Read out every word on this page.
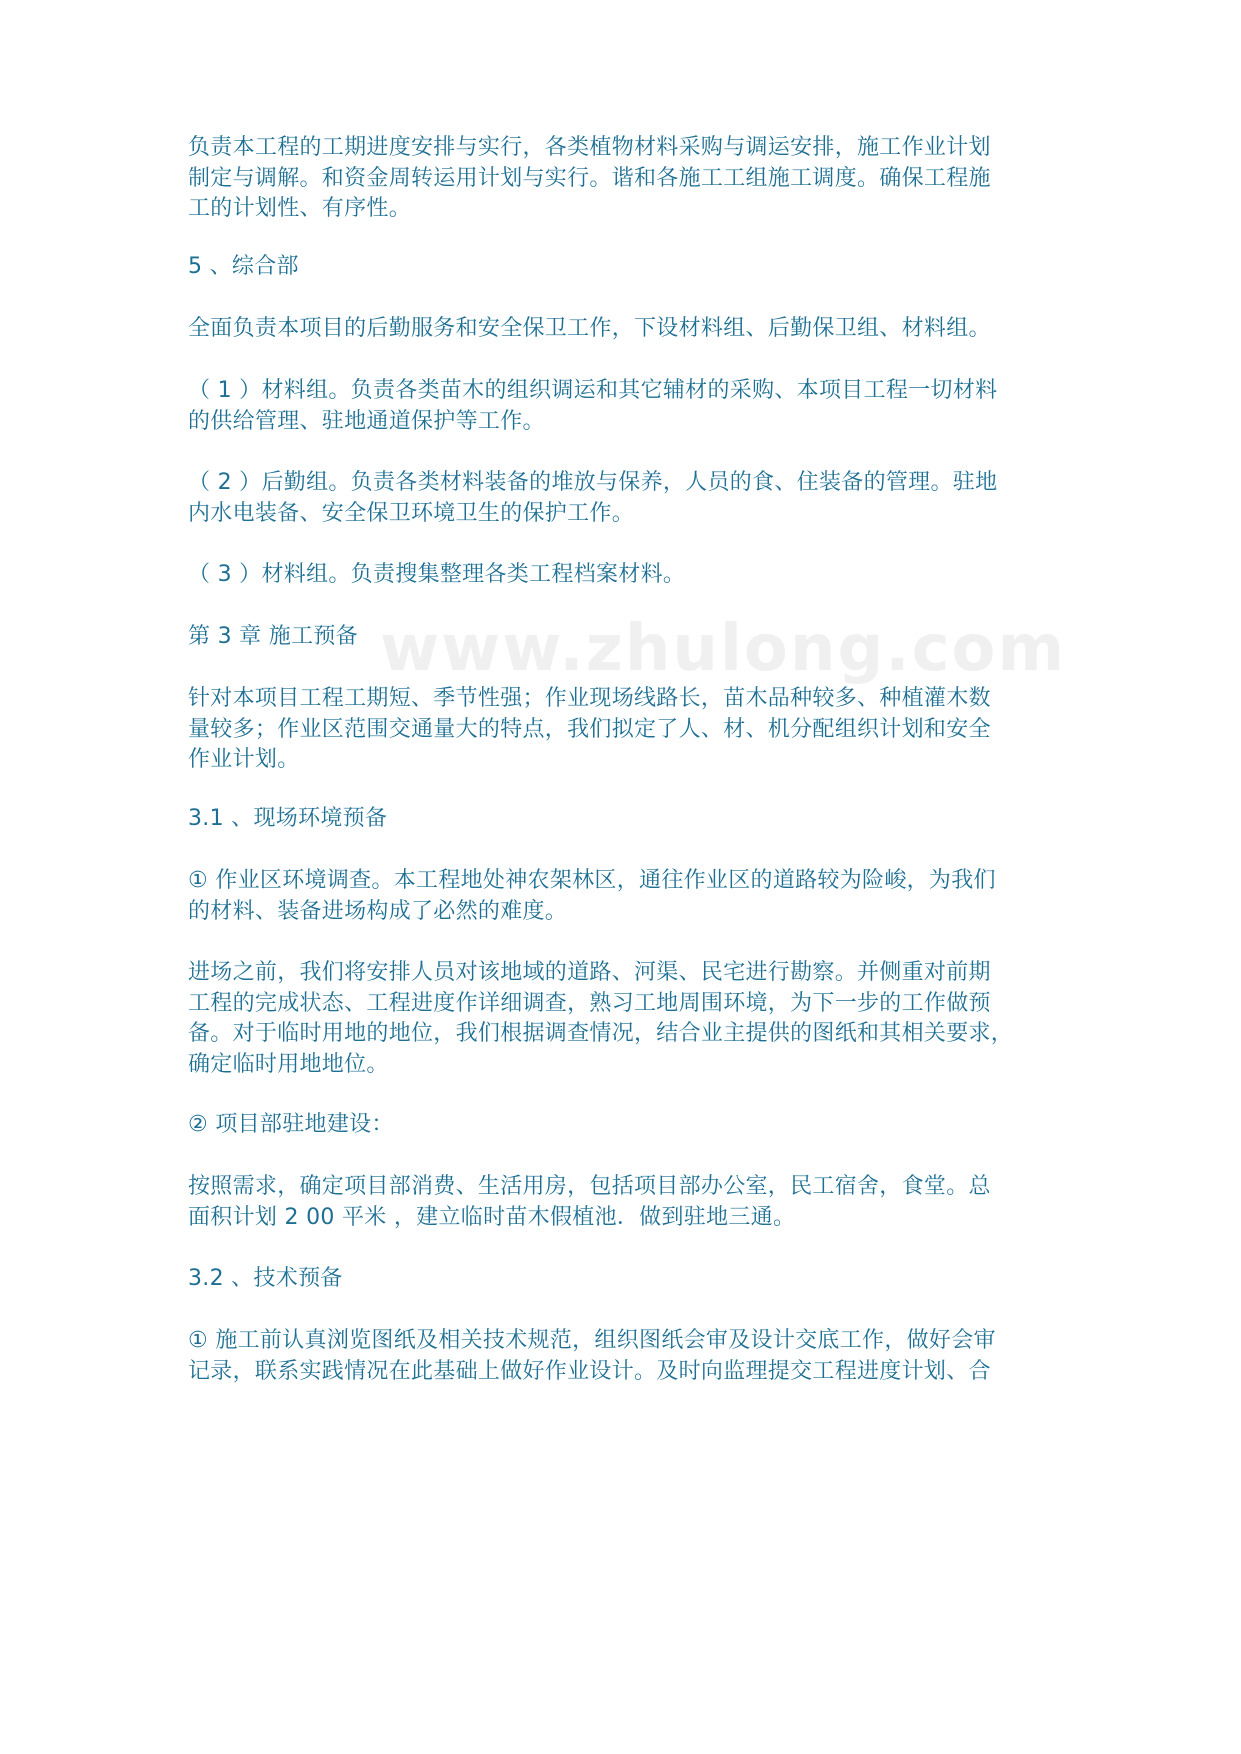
www.zhulong.com
负责本工程的工期进度安排与实行，各类植物材料采购与调运安排，施工作业计划
制定与调解。和资金周转运用计划与实行。谐和各施工工组施工调度。确保工程施
工的计划性、有序性。
5 、综合部
全面负责本项目的后勤服务和安全保卫工作，下设材料组、后勤保卫组、材料组。
（ 1 ）材料组。负责各类苗木的组织调运和其它辅材的采购、本项目工程一切材料
的供给管理、驻地通道保护等工作。
（ 2 ）后勤组。负责各类材料装备的堆放与保养，人员的食、住装备的管理。驻地
内水电装备、安全保卫环境卫生的保护工作。
（ 3 ）材料组。负责搜集整理各类工程档案材料。
第 3 章 施工预备
针对本项目工程工期短、季节性强；作业现场线路长，苗木品种较多、种植灌木数
量较多；作业区范围交通量大的特点，我们拟定了人、材、机分配组织计划和安全
作业计划。
3.1 、现场环境预备
① 作业区环境调查。本工程地处神农架林区，通往作业区的道路较为险峻，为我们
的材料、装备进场构成了必然的难度。
进场之前，我们将安排人员对该地域的道路、河渠、民宅进行勘察。并侧重对前期
工程的完成状态、工程进度作详细调查，熟习工地周围环境，为下一步的工作做预
备。对于临时用地的地位，我们根据调查情况，结合业主提供的图纸和其相关要求，
确定临时用地地位。
② 项目部驻地建设：
按照需求，确定项目部消费、生活用房，包括项目部办公室，民工宿舍，食堂。总
面积计划 2 00 平米 ，建立临时苗木假植池．做到驻地三通。
3.2 、技术预备
① 施工前认真浏览图纸及相关技术规范，组织图纸会审及设计交底工作，做好会审
记录，联系实践情况在此基础上做好作业设计。及时向监理提交工程进度计划、合
